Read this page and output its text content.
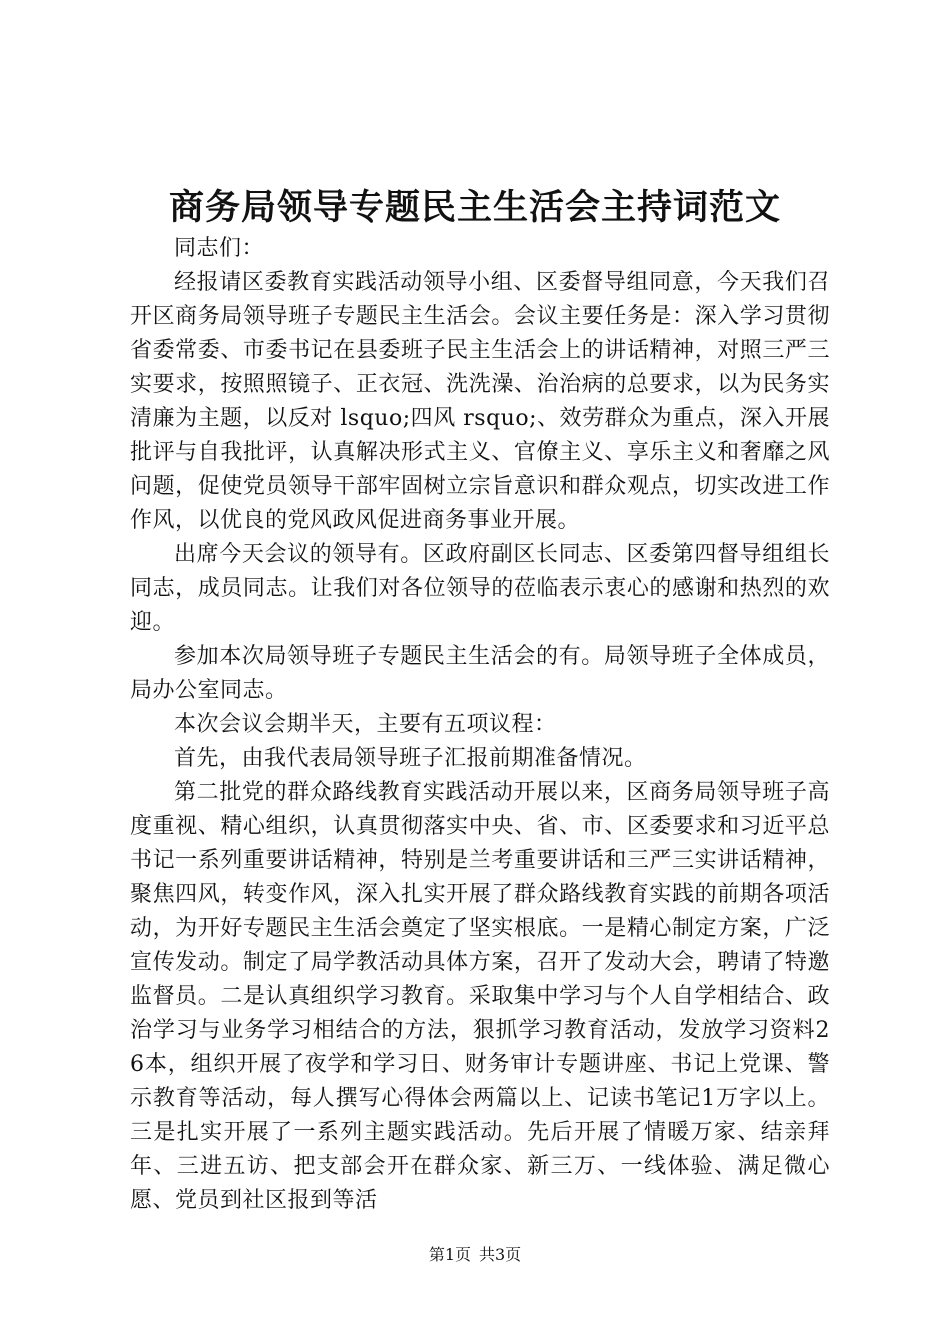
商务局领导专题民主生活会主持词范文

同志们：

经报请区委教育实践活动领导小组、区委督导组同意，今天我们召开区商务局领导班子专题民主生活会。会议主要任务是：深入学习贯彻省委常委、市委书记在县委班子民主生活会上的讲话精神，对照三严三实要求，按照照镜子、正衣冠、洗洗澡、治治病的总要求，以为民务实清廉为主题，以反对 lsquo;四风 rsquo;、效劳群众为重点，深入开展批评与自我批评，认真解决形式主义、官僚主义、享乐主义和奢靡之风问题，促使党员领导干部牢固树立宗旨意识和群众观点，切实改进工作作风，以优良的党风政风促进商务事业开展。

出席今天会议的领导有。区政府副区长同志、区委第四督导组组长同志，成员同志。让我们对各位领导的莅临表示衷心的感谢和热烈的欢迎。

参加本次局领导班子专题民主生活会的有。局领导班子全体成员，局办公室同志。

本次会议会期半天，主要有五项议程：

首先，由我代表局领导班子汇报前期准备情况。

第二批党的群众路线教育实践活动开展以来，区商务局领导班子高度重视、精心组织，认真贯彻落实中央、省、市、区委要求和习近平总书记一系列重要讲话精神，特别是兰考重要讲话和三严三实讲话精神，聚焦四风，转变作风，深入扎实开展了群众路线教育实践的前期各项活动，为开好专题民主生活会奠定了坚实根底。一是精心制定方案，广泛宣传发动。制定了局学教活动具体方案，召开了发动大会，聘请了特邀监督员。二是认真组织学习教育。采取集中学习与个人自学相结合、政治学习与业务学习相结合的方法，狠抓学习教育活动，发放学习资料26本，组织开展了夜学和学习日、财务审计专题讲座、书记上党课、警示教育等活动，每人撰写心得体会两篇以上、记读书笔记1万字以上。三是扎实开展了一系列主题实践活动。先后开展了情暖万家、结亲拜年、三进五访、把支部会开在群众家、新三万、一线体验、满足微心愿、党员到社区报到等活

第1页 共3页
